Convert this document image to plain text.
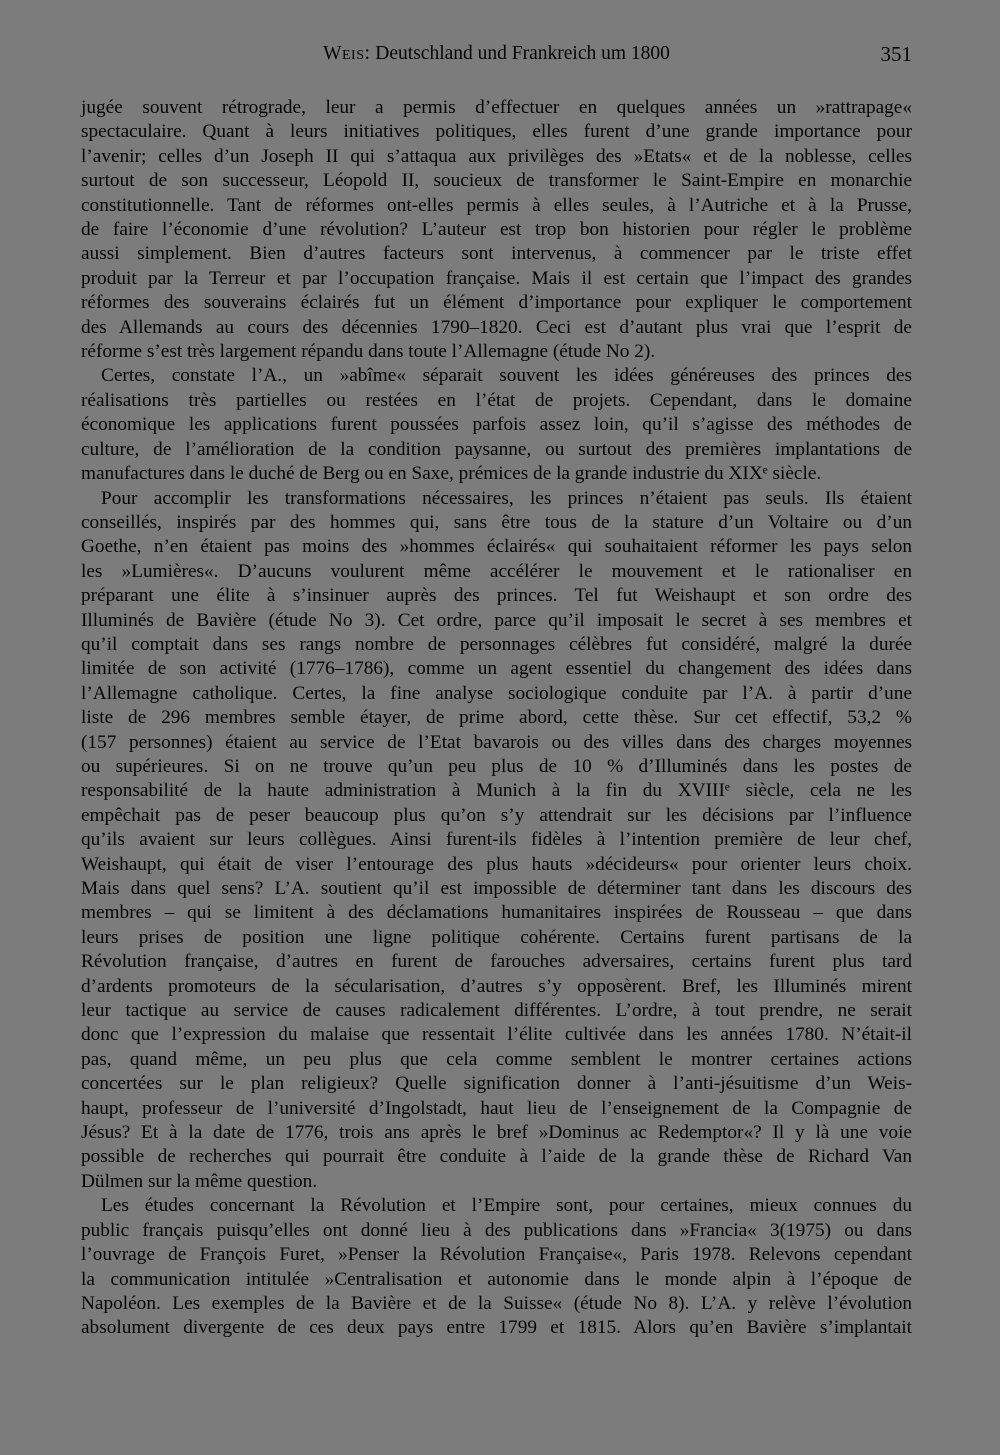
Weis: Deutschland und Frankreich um 1800	351
jugée souvent rétrograde, leur a permis d’effectuer en quelques années un »rattrapage«
spectaculaire. Quant à leurs initiatives politiques, elles furent d’une grande importance pour
l’avenir; celles d’un Joseph II qui s’attaqua aux privilèges des »Etats« et de la noblesse, celles
surtout de son successeur, Léopold II, soucieux de transformer le Saint-Empire en monarchie
constitutionnelle. Tant de réformes ont-elles permis à elles seules, à l’Autriche et à la Prusse,
de faire l’économie d’une révolution? L’auteur est trop bon historien pour régler le problème
aussi simplement. Bien d’autres facteurs sont intervenus, à commencer par le triste effet
produit par la Terreur et par l’occupation française. Mais il est certain que l’impact des grandes
réformes des souverains éclairés fut un élément d’importance pour expliquer le comportement
des Allemands au cours des décennies 1790–1820. Ceci est d’autant plus vrai que l’esprit de
réforme s’est très largement répandu dans toute l’Allemagne (étude No 2).
Certes, constate l’A., un »abîme« séparait souvent les idées généreuses des princes des
réalisations très partielles ou restées en l’état de projets. Cependant, dans le domaine
économique les applications furent poussées parfois assez loin, qu’il s’agisse des méthodes de
culture, de l’amélioration de la condition paysanne, ou surtout des premières implantations de
manufactures dans le duché de Berg ou en Saxe, prémices de la grande industrie du XIXᵉ siècle.
Pour accomplir les transformations nécessaires, les princes n’étaient pas seuls. Ils étaient
conseillés, inspirés par des hommes qui, sans être tous de la stature d’un Voltaire ou d’un
Goethe, n’en étaient pas moins des »hommes éclairés« qui souhaitaient réformer les pays selon
les »Lumières«. D’aucuns voulurent même accélérer le mouvement et le rationaliser en
préparant une élite à s’insinuer auprès des princes. Tel fut Weishaupt et son ordre des
Illuminés de Bavière (étude No 3). Cet ordre, parce qu’il imposait le secret à ses membres et
qu’il comptait dans ses rangs nombre de personnages célèbres fut considéré, malgré la durée
limitée de son activité (1776–1786), comme un agent essentiel du changement des idées dans
l’Allemagne catholique. Certes, la fine analyse sociologique conduite par l’A. à partir d’une
liste de 296 membres semble étayer, de prime abord, cette thèse. Sur cet effectif, 53,2 %
(157 personnes) étaient au service de l’Etat bavarois ou des villes dans des charges moyennes
ou supérieures. Si on ne trouve qu’un peu plus de 10 % d’Illuminés dans les postes de
responsabilité de la haute administration à Munich à la fin du XVIIIᵉ siècle, cela ne les
empêchait pas de peser beaucoup plus qu’on s’y attendrait sur les décisions par l’influence
qu’ils avaient sur leurs collègues. Ainsi furent-ils fidèles à l’intention première de leur chef,
Weishaupt, qui était de viser l’entourage des plus hauts »décideurs« pour orienter leurs choix.
Mais dans quel sens? L’A. soutient qu’il est impossible de déterminer tant dans les discours des
membres – qui se limitent à des déclamations humanitaires inspirées de Rousseau – que dans
leurs prises de position une ligne politique cohérente. Certains furent partisans de la
Révolution française, d’autres en furent de farouches adversaires, certains furent plus tard
d’ardents promoteurs de la sécularisation, d’autres s’y opposèrent. Bref, les Illuminés mirent
leur tactique au service de causes radicalement différentes. L’ordre, à tout prendre, ne serait
donc que l’expression du malaise que ressentait l’élite cultivée dans les années 1780. N’était-il
pas, quand même, un peu plus que cela comme semblent le montrer certaines actions
concertées sur le plan religieux? Quelle signification donner à l’anti-jésuitisme d’un Weis-
haupt, professeur de l’université d’Ingolstadt, haut lieu de l’enseignement de la Compagnie de
Jésus? Et à la date de 1776, trois ans après le bref »Dominus ac Redemptor«? Il y là une voie
possible de recherches qui pourrait être conduite à l’aide de la grande thèse de Richard Van
Dülmen sur la même question.
Les études concernant la Révolution et l’Empire sont, pour certaines, mieux connues du
public français puisqu’elles ont donné lieu à des publications dans »Francia« 3(1975) ou dans
l’ouvrage de François Furet, »Penser la Révolution Française«, Paris 1978. Relevons cependant
la communication intitulée »Centralisation et autonomie dans le monde alpin à l’époque de
Napoléon. Les exemples de la Bavière et de la Suisse« (étude No 8). L’A. y relève l’évolution
absolument divergente de ces deux pays entre 1799 et 1815. Alors qu’en Bavière s’implantait
